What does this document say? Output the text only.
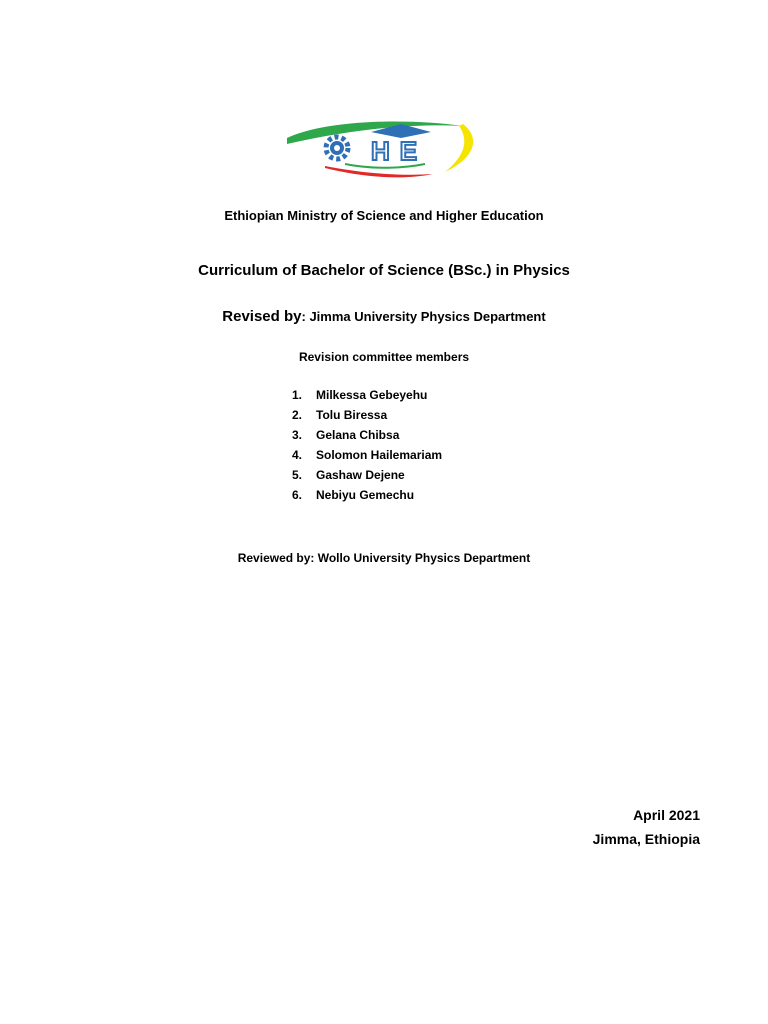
HE
Ethiopian Ministry of Science and Higher Education
Curriculum of Bachelor of Science (BSc.) in Physics
Revised by: Jimma University Physics Department
Revision committee members
1. Milkessa Gebeyehu
2. Tolu Biressa
3. Gelana Chibsa
4. Solomon Hailemariam
5. Gashaw Dejene
6. Nebiyu Gemechu
Reviewed by: Wollo University Physics Department
April 2021
Jimma, Ethiopia
